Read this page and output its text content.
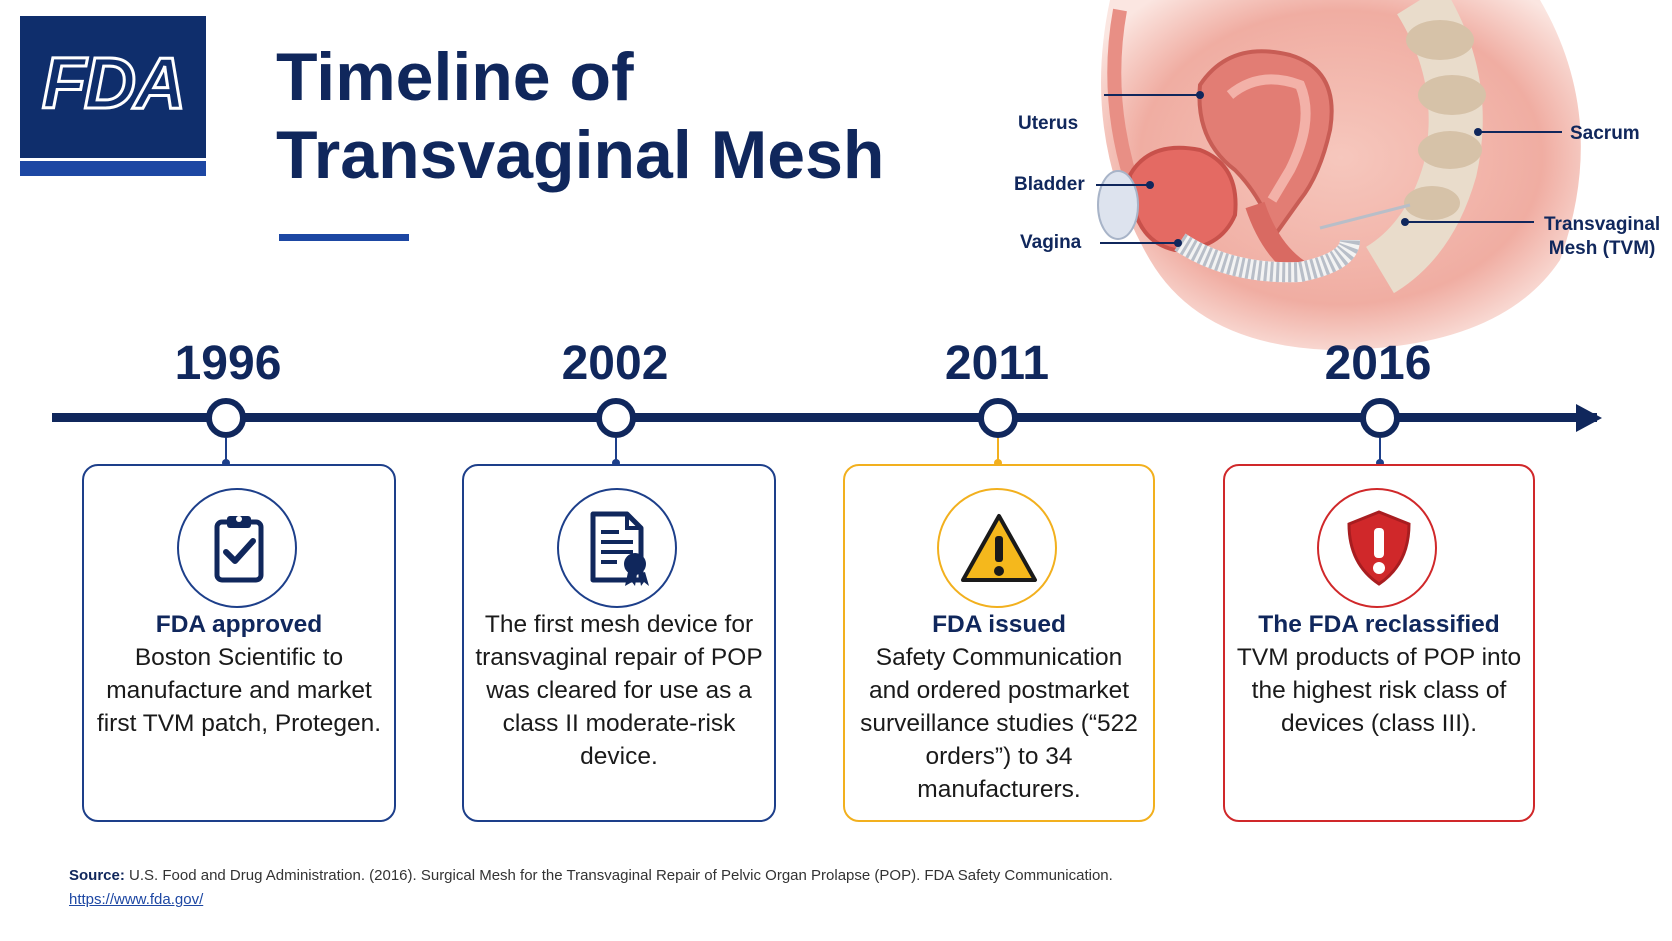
FDA	Timeline of
Transvaginal Mesh	Uterus
Bladder
Vagina
Sacrum
Transvaginal
Mesh (TVM)
1996	2002	2011	2016
FDA approved
Boston Scientific to manufacture and market first TVM patch, Protegen.
The first mesh device for transvaginal repair of POP was cleared for use as a class II moderate-risk device.
FDA issued
Safety Communication and ordered postmarket surveillance studies (“522 orders”) to 34 manufacturers.
The FDA reclassified
TVM products of POP into the highest risk class of devices (class III).
Source: U.S. Food and Drug Administration. (2016). Surgical Mesh for the Transvaginal Repair of Pelvic Organ Prolapse (POP). FDA Safety Communication.
https://www.fda.gov/
